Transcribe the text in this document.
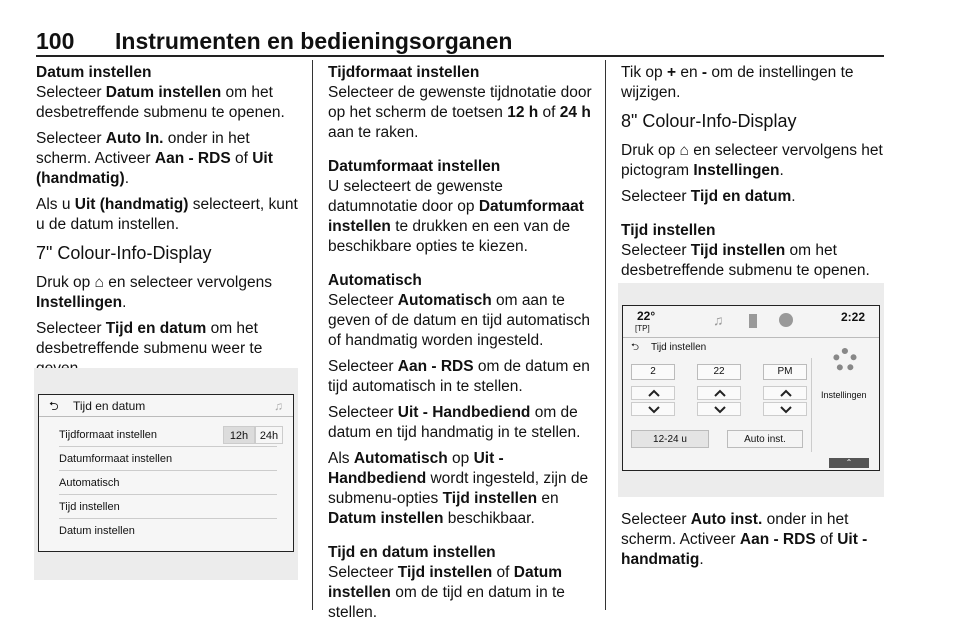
100 Instrumenten en bedieningsorganen

Datum instellen

Selecteer Datum instellen om het desbetreffende submenu te openen.

Selecteer Auto In. onder in het scherm. Activeer Aan - RDS of Uit (handmatig).

Als u Uit (handmatig) selecteert, kunt u de datum instellen.

7" Colour-Info-Display

Druk op ⌂ en selecteer vervolgens Instellingen.

Selecteer Tijd en datum om het desbetreffende submenu weer te

⮌ Tijd en datum	♫
Tijdformaat instellen	12h	24h
Datumformaat instellen
Automatisch
Tijd instellen
Datum instellen

Tijdformaat instellen

Selecteer de gewenste tijdnotatie door op het scherm de toetsen 12 h of 24 h aan te raken.

Datumformaat instellen

U selecteert de gewenste datumnotatie door op Datumformaat instellen te drukken en een van de beschikbare opties te kiezen.

Automatisch

Selecteer Automatisch om aan te geven of de datum en tijd automatisch of handmatig worden ingesteld.

Selecteer Aan - RDS om de datum en tijd automatisch in te stellen.

Selecteer Uit - Handbediend om de datum en tijd handmatig in te stellen.

Als Automatisch op Uit - Handbediend wordt ingesteld, zijn de submenu-opties Tijd instellen en Datum instellen beschikbaar.

Tijd en datum instellen

Selecteer Tijd instellen of Datum instellen om de tijd en datum in te stellen.

Tik op + en - om de instellingen te wijzigen.

8" Colour-Info-Display

Druk op ⌂ en selecteer vervolgens het pictogram Instellingen.

Selecteer Tijd en datum.

Tijd instellen

Selecteer Tijd instellen om het desbetreffende submenu te openen.

Selecteer Auto inst. onder in het scherm. Activeer Aan - RDS of Uit - handmatig.

22°
[TP]
♫	2:22
⮌ Tijd instellen
2	22	PM
12-24 u	Auto inst.
Instellingen
⌃
